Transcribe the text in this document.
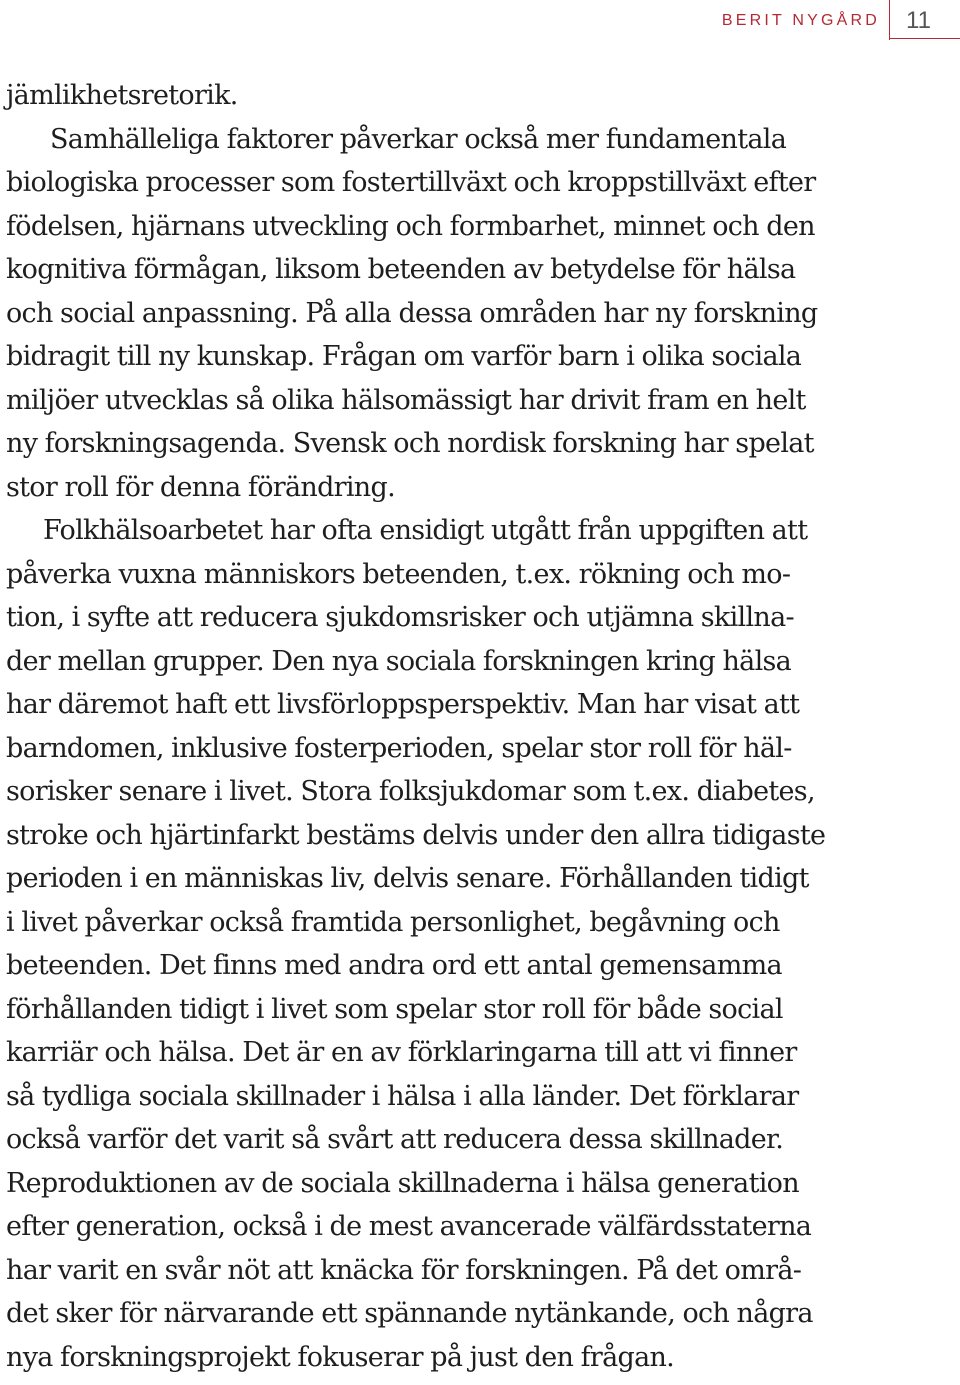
BERIT NYGÅRD 11
jämlikhetsretorik.
Samhälleliga faktorer påverkar också mer fundamentala
biologiska processer som fostertillväxt och kroppstillväxt efter
födelsen, hjärnans utveckling och formbarhet, minnet och den
kognitiva förmågan, liksom beteenden av betydelse för hälsa
och social anpassning. På alla dessa områden har ny forskning
bidragit till ny kunskap. Frågan om varför barn i olika sociala
miljöer utvecklas så olika hälsomässigt har drivit fram en helt
ny forskningsagenda. Svensk och nordisk forskning har spelat
stor roll för denna förändring.
Folkhälsoarbetet har ofta ensidigt utgått från uppgiften att
påverka vuxna människors beteenden, t.ex. rökning och mo-
tion, i syfte att reducera sjukdomsrisker och utjämna skillna-
der mellan grupper. Den nya sociala forskningen kring hälsa
har däremot haft ett livsförloppsperspektiv. Man har visat att
barndomen, inklusive fosterperioden, spelar stor roll för häl-
sorisker senare i livet. Stora folksjukdomar som t.ex. diabetes,
stroke och hjärtinfarkt bestäms delvis under den allra tidigaste
perioden i en människas liv, delvis senare. Förhållanden tidigt
i livet påverkar också framtida personlighet, begåvning och
beteenden. Det finns med andra ord ett antal gemensamma
förhållanden tidigt i livet som spelar stor roll för både social
karriär och hälsa. Det är en av förklaringarna till att vi finner
så tydliga sociala skillnader i hälsa i alla länder. Det förklarar
också varför det varit så svårt att reducera dessa skillnader.
Reproduktionen av de sociala skillnaderna i hälsa generation
efter generation, också i de mest avancerade välfärdsstaterna
har varit en svår nöt att knäcka för forskningen. På det områ-
det sker för närvarande ett spännande nytänkande, och några
nya forskningsprojekt fokuserar på just den frågan.
